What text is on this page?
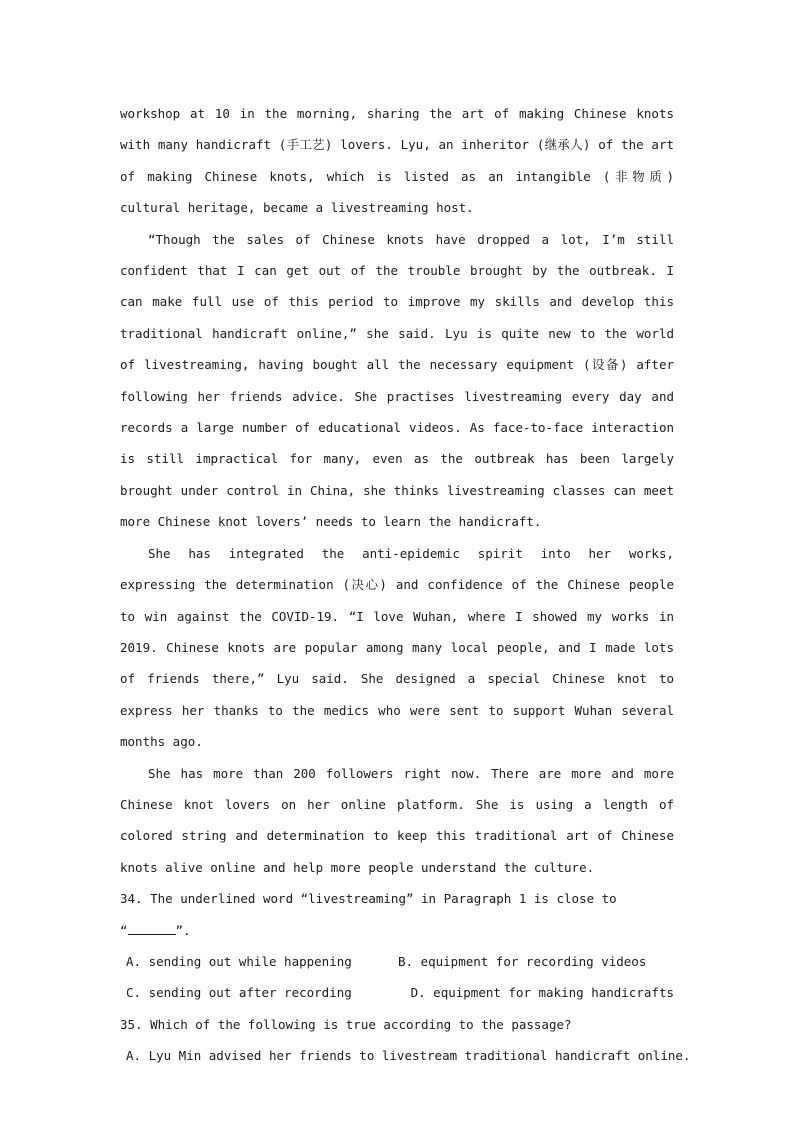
workshop at 10 in the morning, sharing the art of making Chinese knots with many handicraft (手工艺) lovers. Lyu, an inheritor (继承人) of the art of making Chinese knots, which is listed as an intangible (非物质) cultural heritage, became a livestreaming host.

“Though the sales of Chinese knots have dropped a lot, I’m still confident that I can get out of the trouble brought by the outbreak. I can make full use of this period to improve my skills and develop this traditional handicraft online,” she said. Lyu is quite new to the world of livestreaming, having bought all the necessary equipment (设备) after following her friends advice. She practises livestreaming every day and records a large number of educational videos. As face-to-face interaction is still impractical for many, even as the outbreak has been largely brought under control in China, she thinks livestreaming classes can meet more Chinese knot lovers’ needs to learn the handicraft.

She has integrated the anti-epidemic spirit into her works, expressing the determination (决心) and confidence of the Chinese people to win against the COVID-19. “I love Wuhan, where I showed my works in 2019. Chinese knots are popular among many local people, and I made lots of friends there,” Lyu said. She designed a special Chinese knot to express her thanks to the medics who were sent to support Wuhan several months ago.

She has more than 200 followers right now. There are more and more Chinese knot lovers on her online platform. She is using a length of colored string and determination to keep this traditional art of Chinese knots alive online and help more people understand the culture.

34. The underlined word “livestreaming” in Paragraph 1 is close to
“	”.

A. sending out while happening	B. equipment for recording videos
C. sending out after recording	D. equipment for making handicrafts

35. Which of the following is true according to the passage?

A. Lyu Min advised her friends to livestream traditional handicraft online.
